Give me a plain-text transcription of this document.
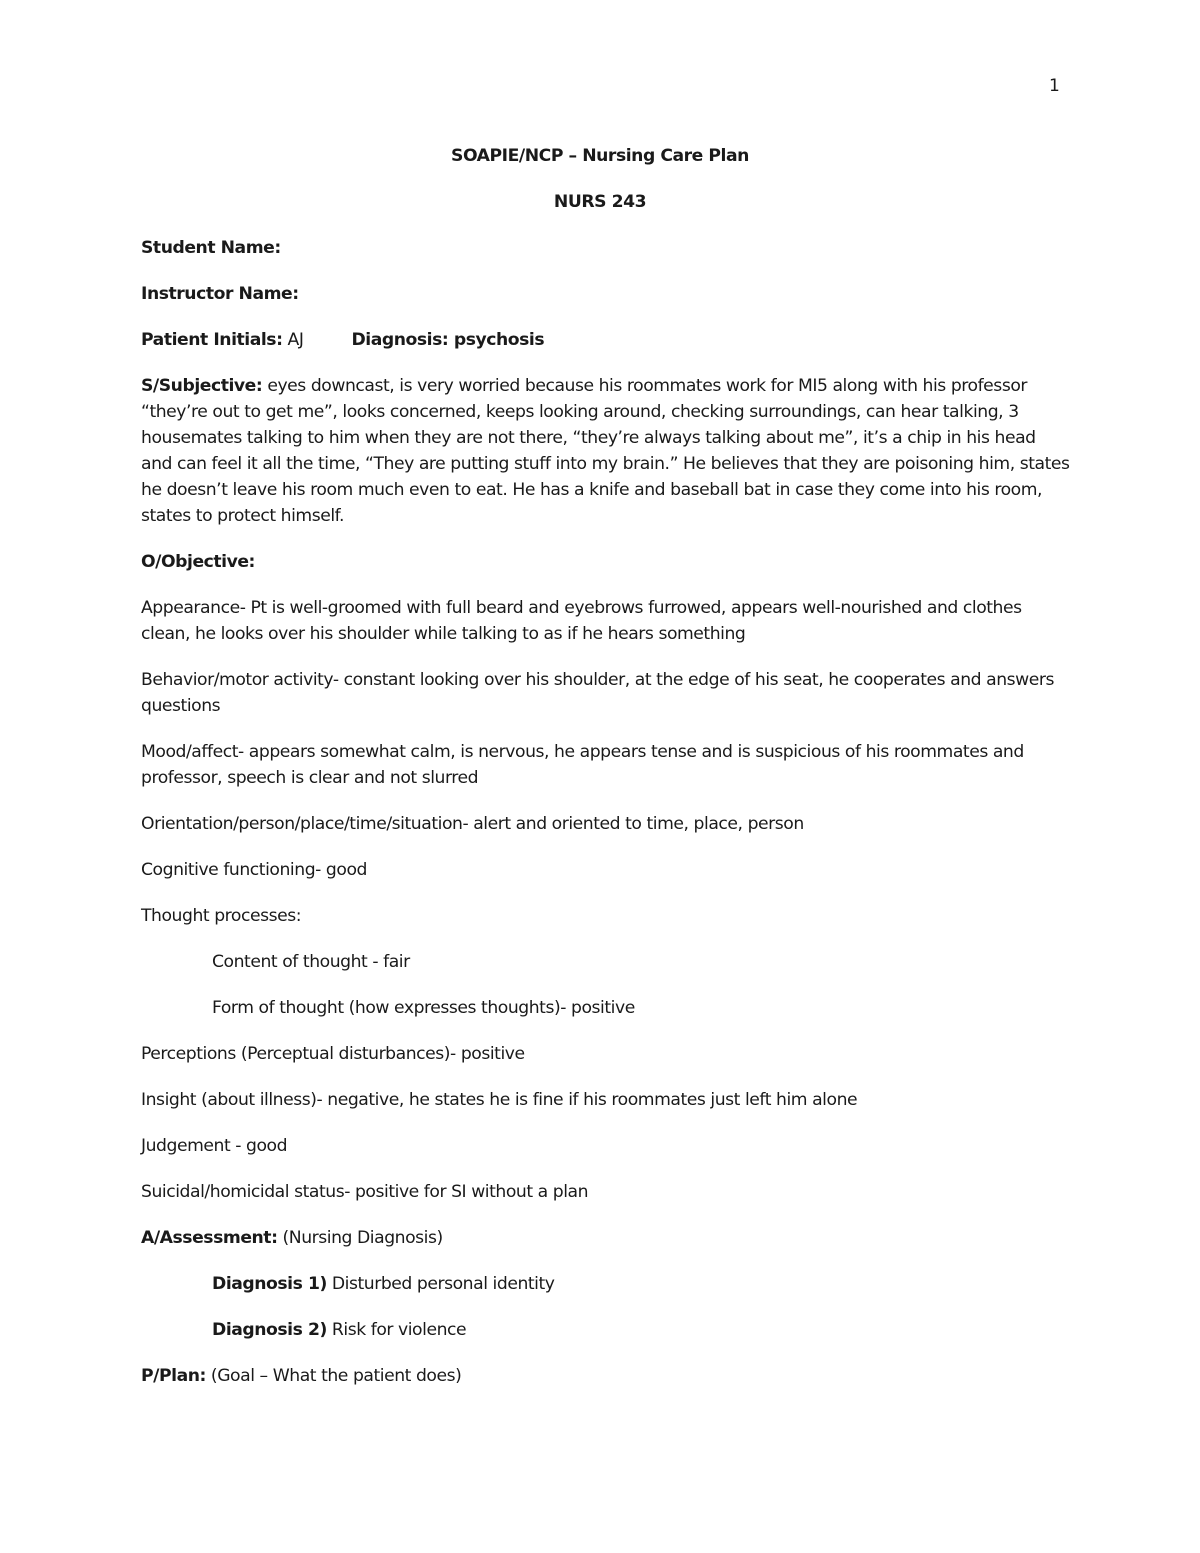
1

SOAPIE/NCP – Nursing Care Plan

NURS 243

Student Name:

Instructor Name:

Patient Initials: AJ	Diagnosis: psychosis

S/Subjective: eyes downcast, is very worried because his roommates work for MI5 along with his professor “they’re out to get me”, looks concerned, keeps looking around, checking surroundings, can hear talking, 3 housemates talking to him when they are not there, “they’re always talking about me”, it’s a chip in his head and can feel it all the time, “They are putting stuff into my brain.” He believes that they are poisoning him, states he doesn’t leave his room much even to eat. He has a knife and baseball bat in case they come into his room, states to protect himself.

O/Objective:

Appearance- Pt is well-groomed with full beard and eyebrows furrowed, appears well-nourished and clothes clean, he looks over his shoulder while talking to as if he hears something

Behavior/motor activity- constant looking over his shoulder, at the edge of his seat, he cooperates and answers questions

Mood/affect- appears somewhat calm, is nervous, he appears tense and is suspicious of his roommates and professor, speech is clear and not slurred

Orientation/person/place/time/situation- alert and oriented to time, place, person

Cognitive functioning- good

Thought processes:

Content of thought - fair

Form of thought (how expresses thoughts)- positive

Perceptions (Perceptual disturbances)- positive

Insight (about illness)- negative, he states he is fine if his roommates just left him alone

Judgement - good

Suicidal/homicidal status- positive for SI without a plan

A/Assessment: (Nursing Diagnosis)

Diagnosis 1) Disturbed personal identity

Diagnosis 2) Risk for violence

P/Plan: (Goal – What the patient does)
